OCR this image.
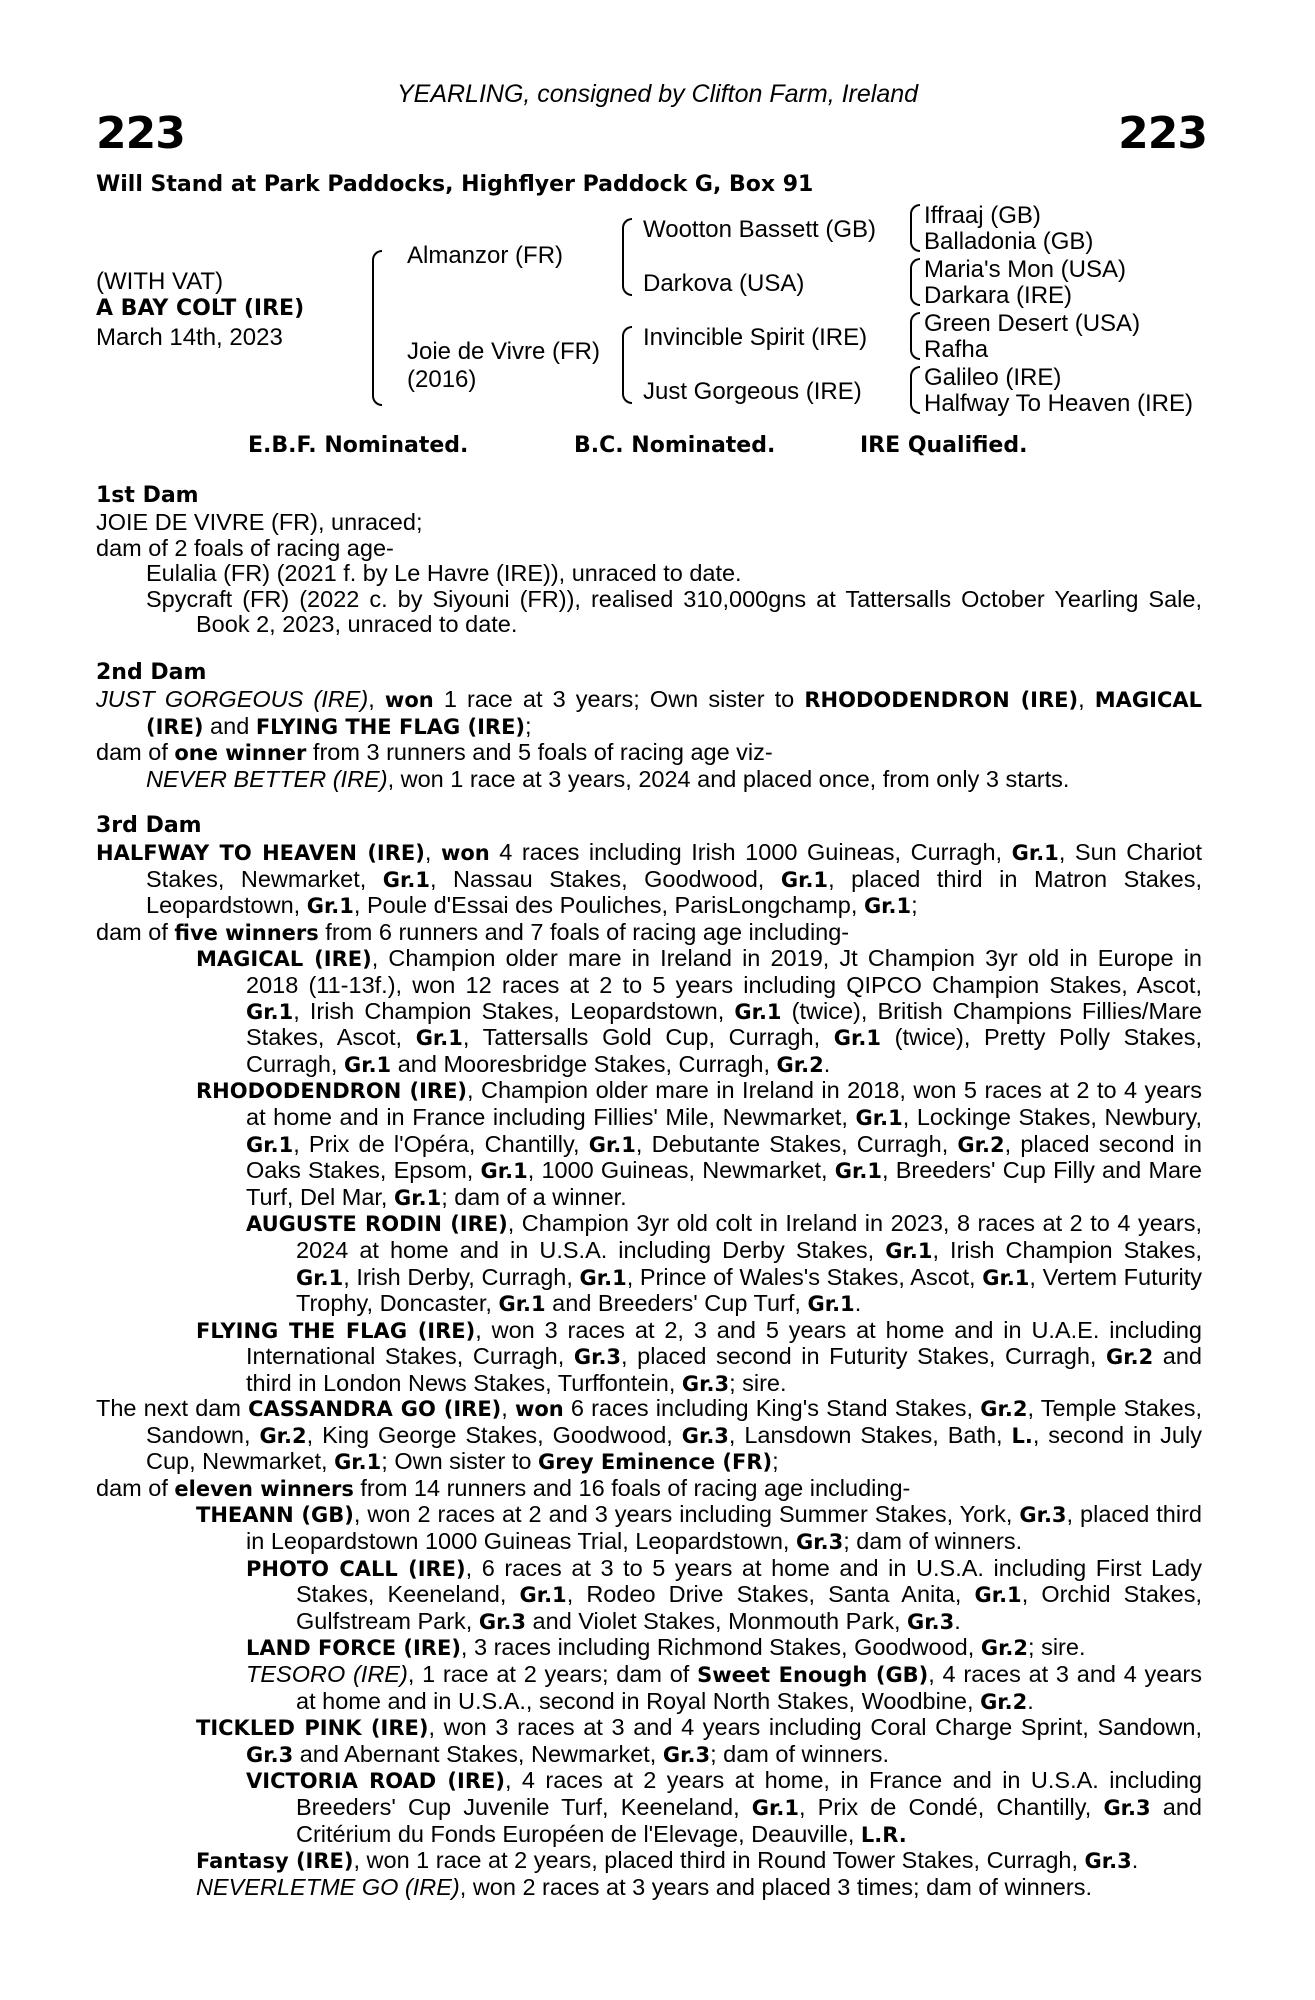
YEARLING, consigned by Clifton Farm, Ireland
223	223
Will Stand at Park Paddocks, Highflyer Paddock G, Box 91
(WITH VAT)
A BAY COLT (IRE)
March 14th, 2023
Almanzor (FR)
Joie de Vivre (FR)
(2016)
Wootton Bassett (GB)
Darkova (USA)
Invincible Spirit (IRE)
Just Gorgeous (IRE)
Iffraaj (GB)
Balladonia (GB)
Maria's Mon (USA)
Darkara (IRE)
Green Desert (USA)
Rafha
Galileo (IRE)
Halfway To Heaven (IRE)
E.B.F. Nominated.	B.C. Nominated.	IRE Qualified.
1st Dam

JOIE DE VIVRE (FR), unraced;

dam of 2 foals of racing age-

Eulalia (FR) (2021 f. by Le Havre (IRE)), unraced to date.

Spycraft (FR) (2022 c. by Siyouni (FR)), realised 310,000gns at Tattersalls October Yearling Sale, Book 2, 2023, unraced to date.

2nd Dam

JUST GORGEOUS (IRE), won 1 race at 3 years; Own sister to RHODODENDRON (IRE), MAGICAL (IRE) and FLYING THE FLAG (IRE);

dam of one winner from 3 runners and 5 foals of racing age viz-

NEVER BETTER (IRE), won 1 race at 3 years, 2024 and placed once, from only 3 starts.

3rd Dam

HALFWAY TO HEAVEN (IRE), won 4 races including Irish 1000 Guineas, Curragh, Gr.1, Sun Chariot Stakes, Newmarket, Gr.1, Nassau Stakes, Goodwood, Gr.1, placed third in Matron Stakes, Leopardstown, Gr.1, Poule d'Essai des Pouliches, ParisLongchamp, Gr.1;

dam of five winners from 6 runners and 7 foals of racing age including-

MAGICAL (IRE), Champion older mare in Ireland in 2019, Jt Champion 3yr old in Europe in 2018 (11-13f.), won 12 races at 2 to 5 years including QIPCO Champion Stakes, Ascot, Gr.1, Irish Champion Stakes, Leopardstown, Gr.1 (twice), British Champions Fillies/Mare Stakes, Ascot, Gr.1, Tattersalls Gold Cup, Curragh, Gr.1 (twice), Pretty Polly Stakes, Curragh, Gr.1 and Mooresbridge Stakes, Curragh, Gr.2.

RHODODENDRON (IRE), Champion older mare in Ireland in 2018, won 5 races at 2 to 4 years at home and in France including Fillies' Mile, Newmarket, Gr.1, Lockinge Stakes, Newbury, Gr.1, Prix de l'Opéra, Chantilly, Gr.1, Debutante Stakes, Curragh, Gr.2, placed second in Oaks Stakes, Epsom, Gr.1, 1000 Guineas, Newmarket, Gr.1, Breeders' Cup Filly and Mare Turf, Del Mar, Gr.1; dam of a winner.

AUGUSTE RODIN (IRE), Champion 3yr old colt in Ireland in 2023, 8 races at 2 to 4 years, 2024 at home and in U.S.A. including Derby Stakes, Gr.1, Irish Champion Stakes, Gr.1, Irish Derby, Curragh, Gr.1, Prince of Wales's Stakes, Ascot, Gr.1, Vertem Futurity Trophy, Doncaster, Gr.1 and Breeders' Cup Turf, Gr.1.

FLYING THE FLAG (IRE), won 3 races at 2, 3 and 5 years at home and in U.A.E. including International Stakes, Curragh, Gr.3, placed second in Futurity Stakes, Curragh, Gr.2 and third in London News Stakes, Turffontein, Gr.3; sire.

The next dam CASSANDRA GO (IRE), won 6 races including King's Stand Stakes, Gr.2, Temple Stakes, Sandown, Gr.2, King George Stakes, Goodwood, Gr.3, Lansdown Stakes, Bath, L., second in July Cup, Newmarket, Gr.1; Own sister to Grey Eminence (FR);

dam of eleven winners from 14 runners and 16 foals of racing age including-

THEANN (GB), won 2 races at 2 and 3 years including Summer Stakes, York, Gr.3, placed third in Leopardstown 1000 Guineas Trial, Leopardstown, Gr.3; dam of winners.

PHOTO CALL (IRE), 6 races at 3 to 5 years at home and in U.S.A. including First Lady Stakes, Keeneland, Gr.1, Rodeo Drive Stakes, Santa Anita, Gr.1, Orchid Stakes, Gulfstream Park, Gr.3 and Violet Stakes, Monmouth Park, Gr.3.

LAND FORCE (IRE), 3 races including Richmond Stakes, Goodwood, Gr.2; sire.

TESORO (IRE), 1 race at 2 years; dam of Sweet Enough (GB), 4 races at 3 and 4 years at home and in U.S.A., second in Royal North Stakes, Woodbine, Gr.2.

TICKLED PINK (IRE), won 3 races at 3 and 4 years including Coral Charge Sprint, Sandown, Gr.3 and Abernant Stakes, Newmarket, Gr.3; dam of winners.

VICTORIA ROAD (IRE), 4 races at 2 years at home, in France and in U.S.A. including Breeders' Cup Juvenile Turf, Keeneland, Gr.1, Prix de Condé, Chantilly, Gr.3 and Critérium du Fonds Européen de l'Elevage, Deauville, L.R.

Fantasy (IRE), won 1 race at 2 years, placed third in Round Tower Stakes, Curragh, Gr.3.

NEVERLETME GO (IRE), won 2 races at 3 years and placed 3 times; dam of winners.
